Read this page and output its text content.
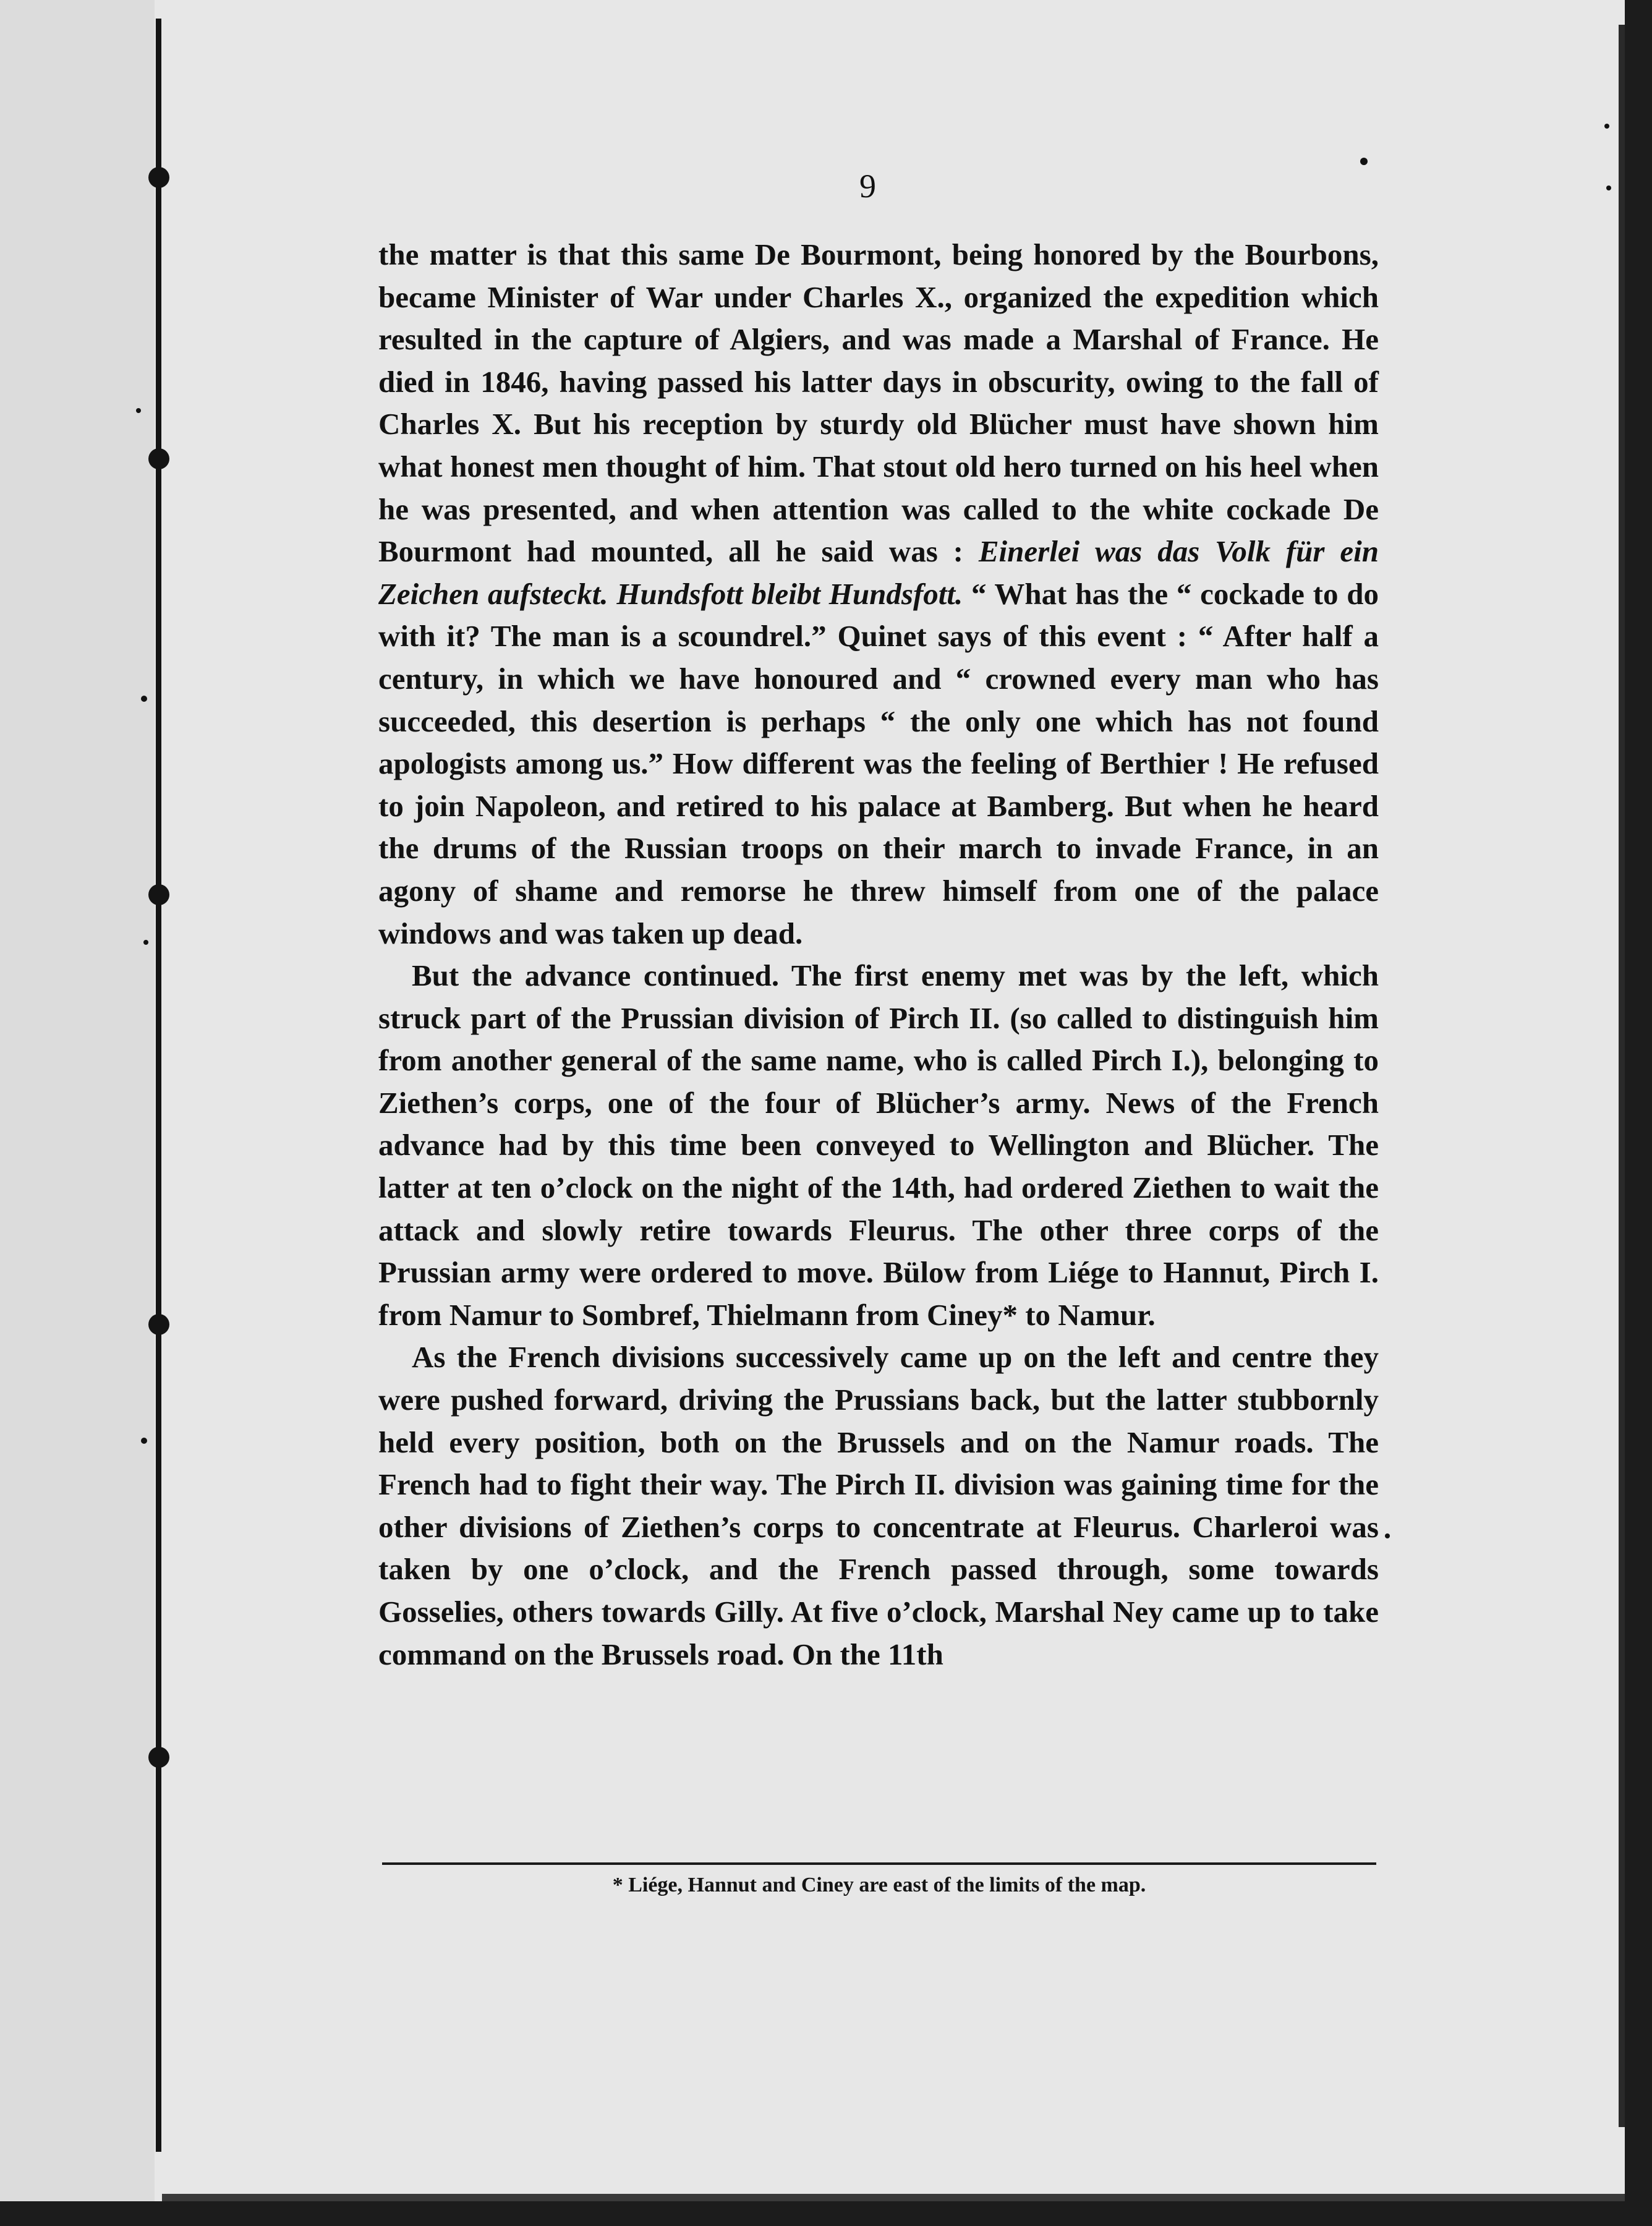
9

the matter is that this same De Bourmont, being honored by the Bourbons, became Minister of War under Charles X., organized the expedition which resulted in the capture of Algiers, and was made a Marshal of France. He died in 1846, having passed his latter days in obscurity, owing to the fall of Charles X. But his reception by sturdy old Blücher must have shown him what honest men thought of him. That stout old hero turned on his heel when he was presented, and when attention was called to the white cockade De Bourmont had mounted, all he said was : Einerlei was das Volk für ein Zeichen aufsteckt. Hundsfott bleibt Hundsfott. “ What has the “ cockade to do with it? The man is a scoundrel.” Quinet says of this event : “ After half a century, in which we have honoured and “ crowned every man who has succeeded, this desertion is perhaps “ the only one which has not found apologists among us.” How different was the feeling of Berthier ! He refused to join Napoleon, and retired to his palace at Bamberg. But when he heard the drums of the Russian troops on their march to invade France, in an agony of shame and remorse he threw himself from one of the palace windows and was taken up dead.

But the advance continued. The first enemy met was by the left, which struck part of the Prussian division of Pirch II. (so called to distinguish him from another general of the same name, who is called Pirch I.), belonging to Ziethen’s corps, one of the four of Blücher’s army. News of the French advance had by this time been conveyed to Wellington and Blücher. The latter at ten o’clock on the night of the 14th, had ordered Ziethen to wait the attack and slowly retire towards Fleurus. The other three corps of the Prussian army were ordered to move. Bülow from Liége to Hannut, Pirch I. from Namur to Sombref, Thielmann from Ciney* to Namur.

As the French divisions successively came up on the left and centre they were pushed forward, driving the Prussians back, but the latter stubbornly held every position, both on the Brussels and on the Namur roads. The French had to fight their way. The Pirch II. division was gaining time for the other divisions of Ziethen’s corps to concentrate at Fleurus. Charleroi was taken by one o’clock, and the French passed through, some towards Gosselies, others towards Gilly. At five o’clock, Marshal Ney came up to take command on the Brussels road. On the 11th

* Liége, Hannut and Ciney are east of the limits of the map.
